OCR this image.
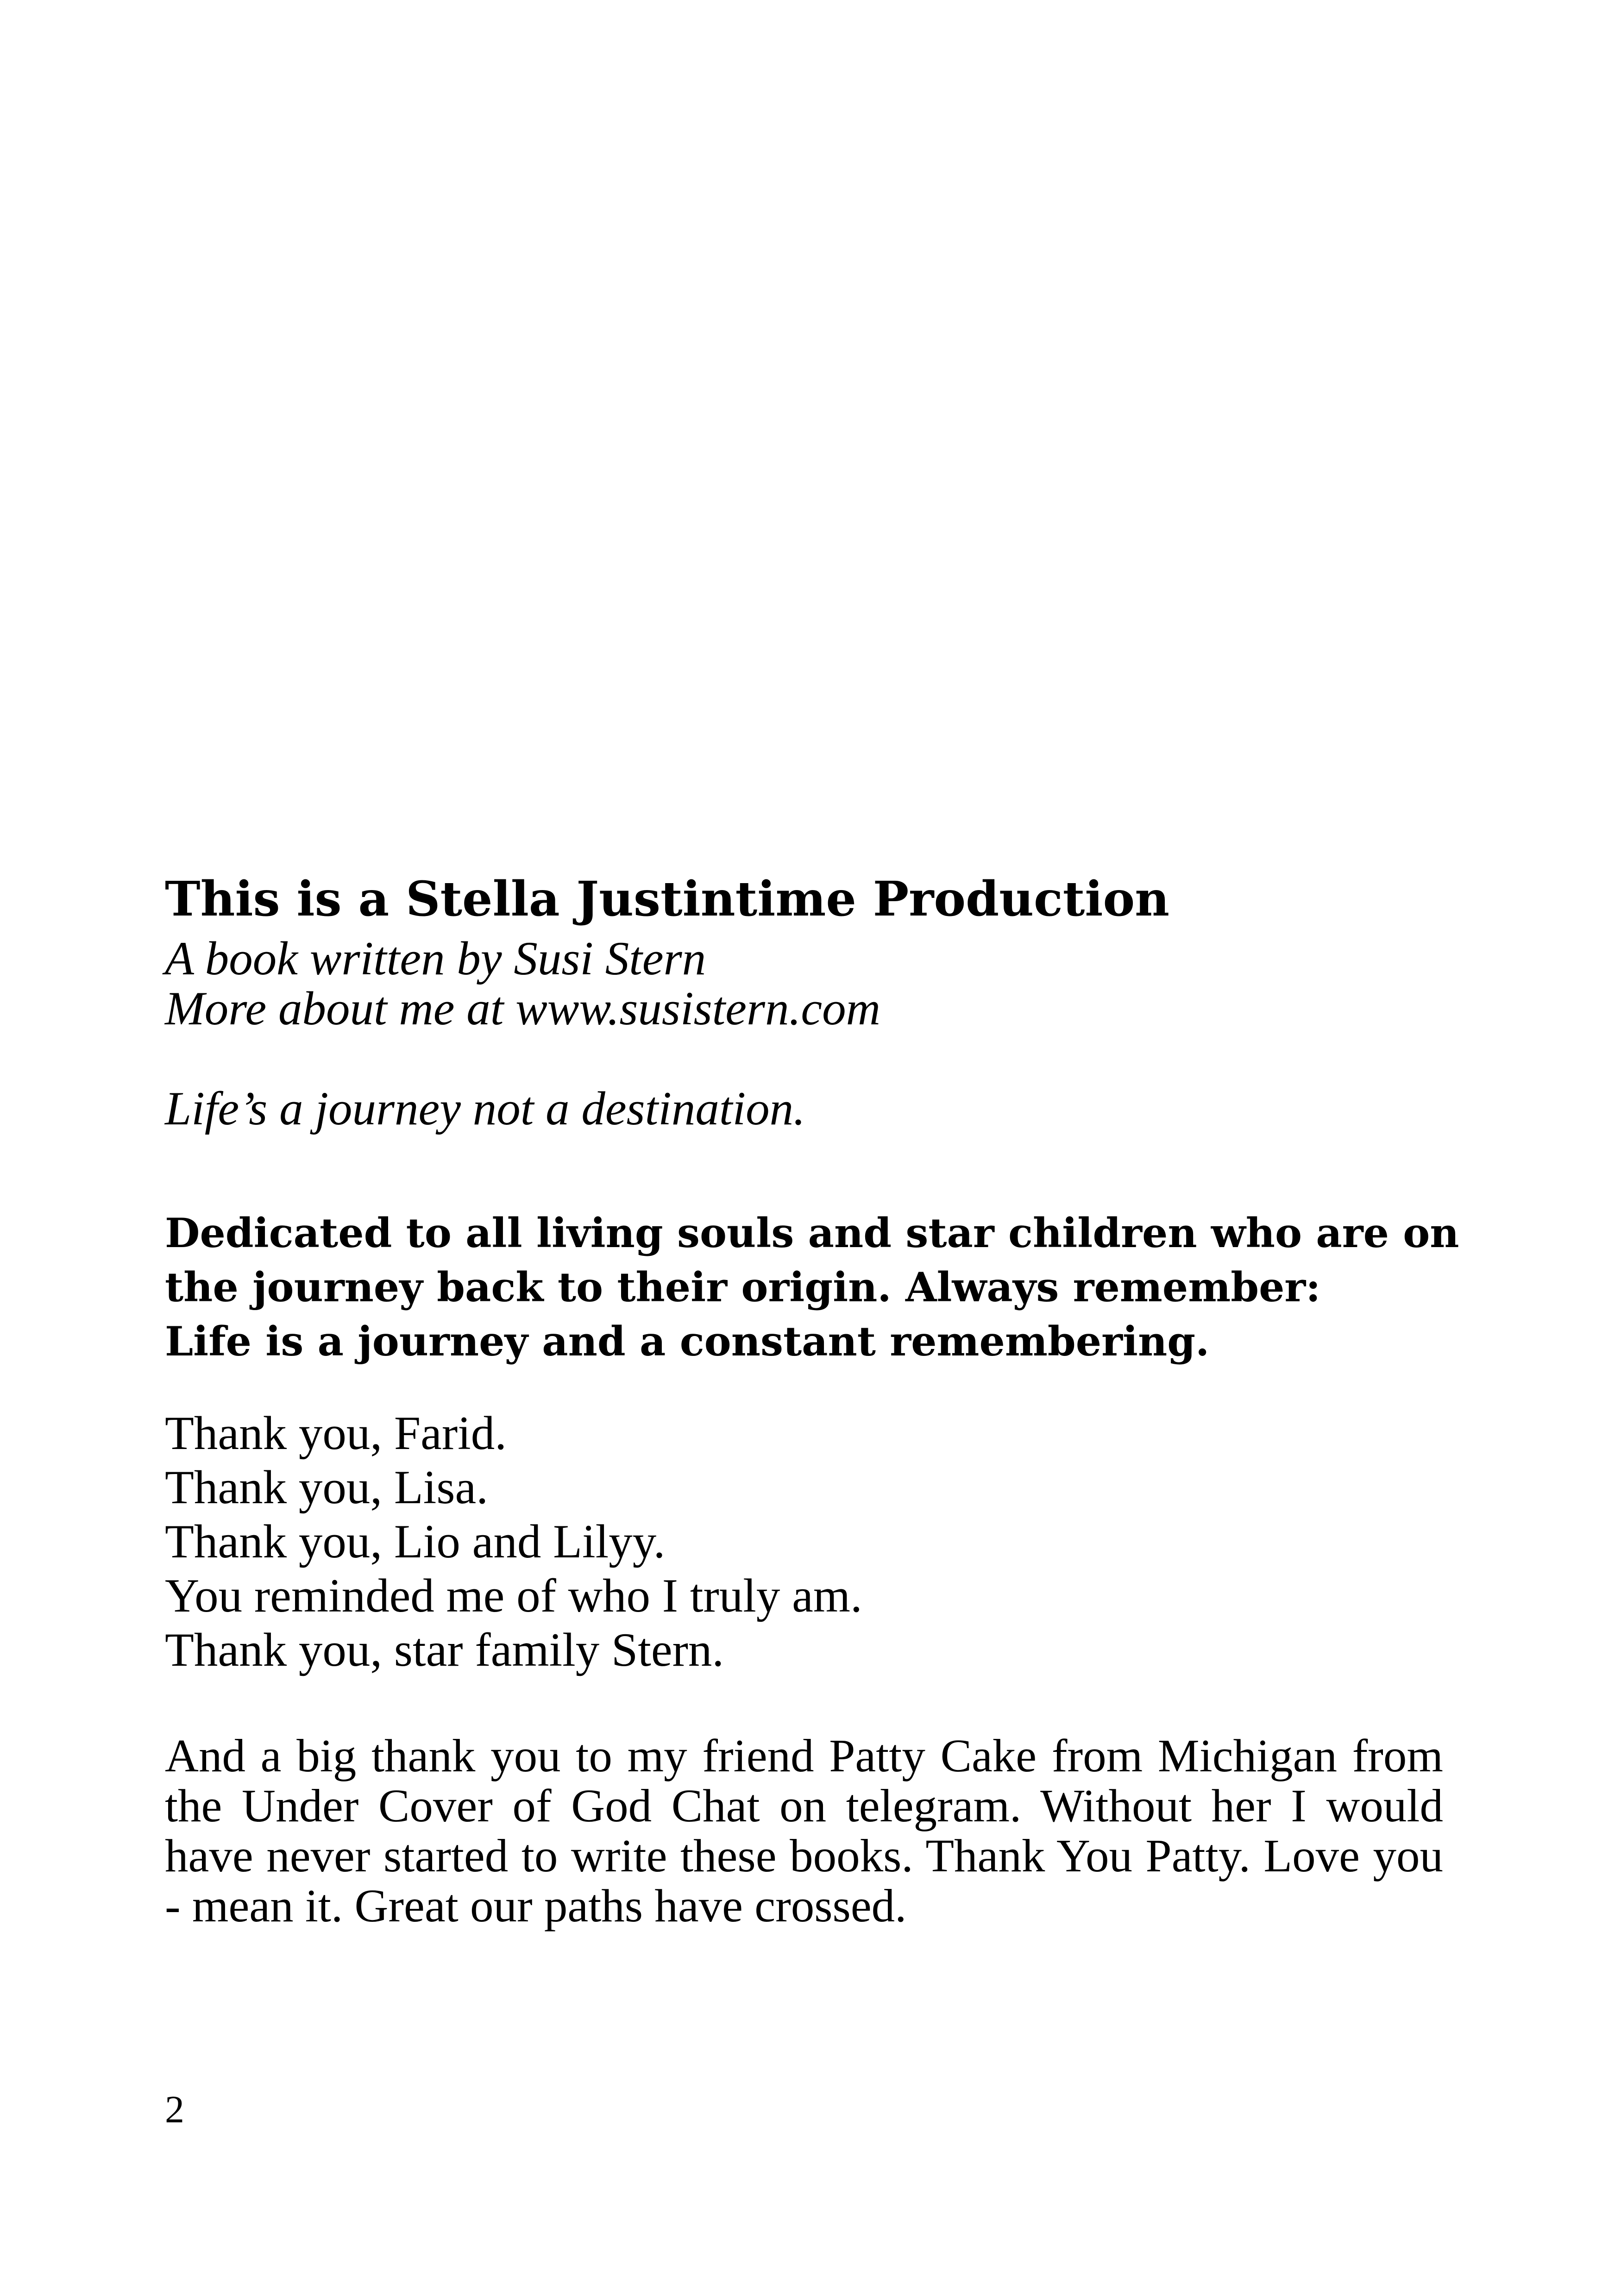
This is a Stella Justintime Production

A book written by Susi Stern

More about me at www.susistern.com

Life’s a journey not a destination.

Dedicated to all living souls and star children who are on

the journey back to their origin. Always remember:

Life is a journey and a constant remembering.

Thank you, Farid.

Thank you, Lisa.

Thank you, Lio and Lilyy.

You reminded me of who I truly am.

Thank you, star family Stern.

And a big thank you to my friend Patty Cake from Michigan from the Under Cover of God Chat on telegram. Without her I would have never started to write these books. Thank You Patty. Love you - mean it. Great our paths have crossed.

2
